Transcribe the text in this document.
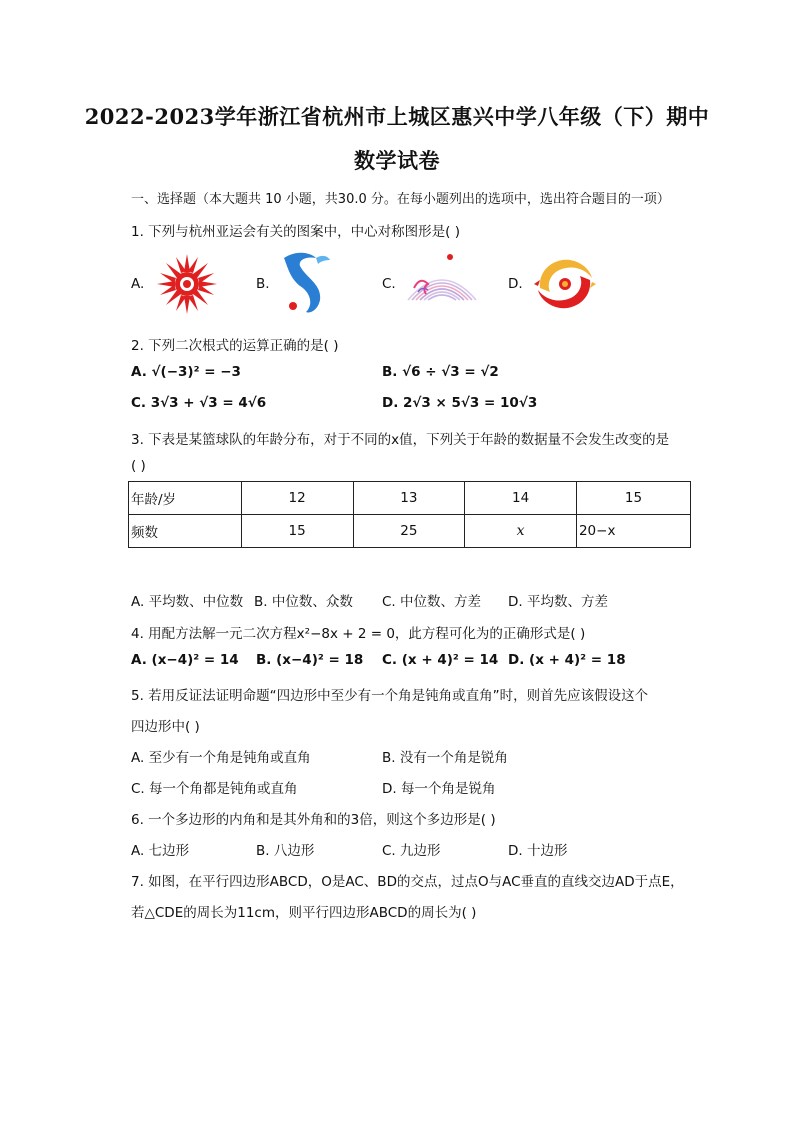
2022-2023学年浙江省杭州市上城区惠兴中学八年级（下）期中
数学试卷
一、选择题（本大题共 10 小题，共30.0 分。在每小题列出的选项中，选出符合题目的一项）
1. 下列与杭州亚运会有关的图案中，中心对称图形是( )
A.	B.	C.	D.
2. 下列二次根式的运算正确的是( )
A. √(−3)² = −3	B. √6 ÷ √3 = √2
C. 3√3 + √3 = 4√6	D. 2√3 × 5√3 = 10√3
3. 下表是某篮球队的年龄分布，对于不同的x值，下列关于年龄的数据量不会发生改变的是
( )
年龄/岁	12	13	14	15
频数	15	25	x	20−x
A. 平均数、中位数 B. 中位数、众数 C. 中位数、方差 D. 平均数、方差
4. 用配方法解一元二次方程x²−8x + 2 = 0，此方程可化为的正确形式是( )
A. (x−4)² = 14 B. (x−4)² = 18 C. (x + 4)² = 14 D. (x + 4)² = 18
5. 若用反证法证明命题“四边形中至少有一个角是钝角或直角”时，则首先应该假设这个
四边形中( )
A. 至少有一个角是钝角或直角	B. 没有一个角是锐角
C. 每一个角都是钝角或直角	D. 每一个角是锐角
6. 一个多边形的内角和是其外角和的3倍，则这个多边形是( )
A. 七边形	B. 八边形	C. 九边形	D. 十边形
7. 如图，在平行四边形ABCD，O是AC、BD的交点，过点O与AC垂直的直线交边AD于点E，
若△CDE的周长为11cm，则平行四边形ABCD的周长为( )
